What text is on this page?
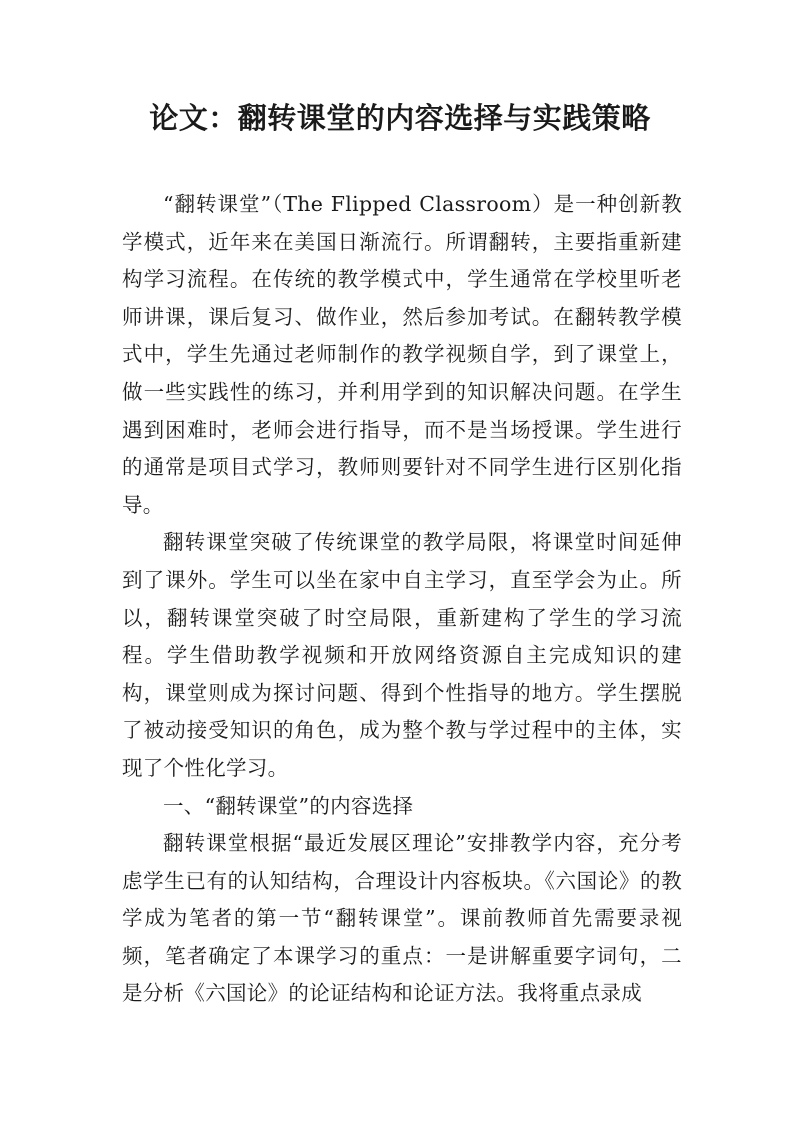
论文：翻转课堂的内容选择与实践策略

“翻转课堂”（The Flipped Classroom）是一种创新教学模式，近年来在美国日渐流行。所谓翻转，主要指重新建构学习流程。在传统的教学模式中，学生通常在学校里听老师讲课，课后复习、做作业，然后参加考试。在翻转教学模式中，学生先通过老师制作的教学视频自学，到了课堂上，做一些实践性的练习，并利用学到的知识解决问题。在学生遇到困难时，老师会进行指导，而不是当场授课。学生进行的通常是项目式学习，教师则要针对不同学生进行区别化指导。

翻转课堂突破了传统课堂的教学局限，将课堂时间延伸到了课外。学生可以坐在家中自主学习，直至学会为止。所以，翻转课堂突破了时空局限，重新建构了学生的学习流程。学生借助教学视频和开放网络资源自主完成知识的建构，课堂则成为探讨问题、得到个性指导的地方。学生摆脱了被动接受知识的角色，成为整个教与学过程中的主体，实现了个性化学习。

一、“翻转课堂”的内容选择

翻转课堂根据“最近发展区理论”安排教学内容，充分考虑学生已有的认知结构，合理设计内容板块。《六国论》的教学成为笔者的第一节“翻转课堂”。课前教师首先需要录视频，笔者确定了本课学习的重点：一是讲解重要字词句，二是分析《六国论》的论证结构和论证方法。我将重点录成
